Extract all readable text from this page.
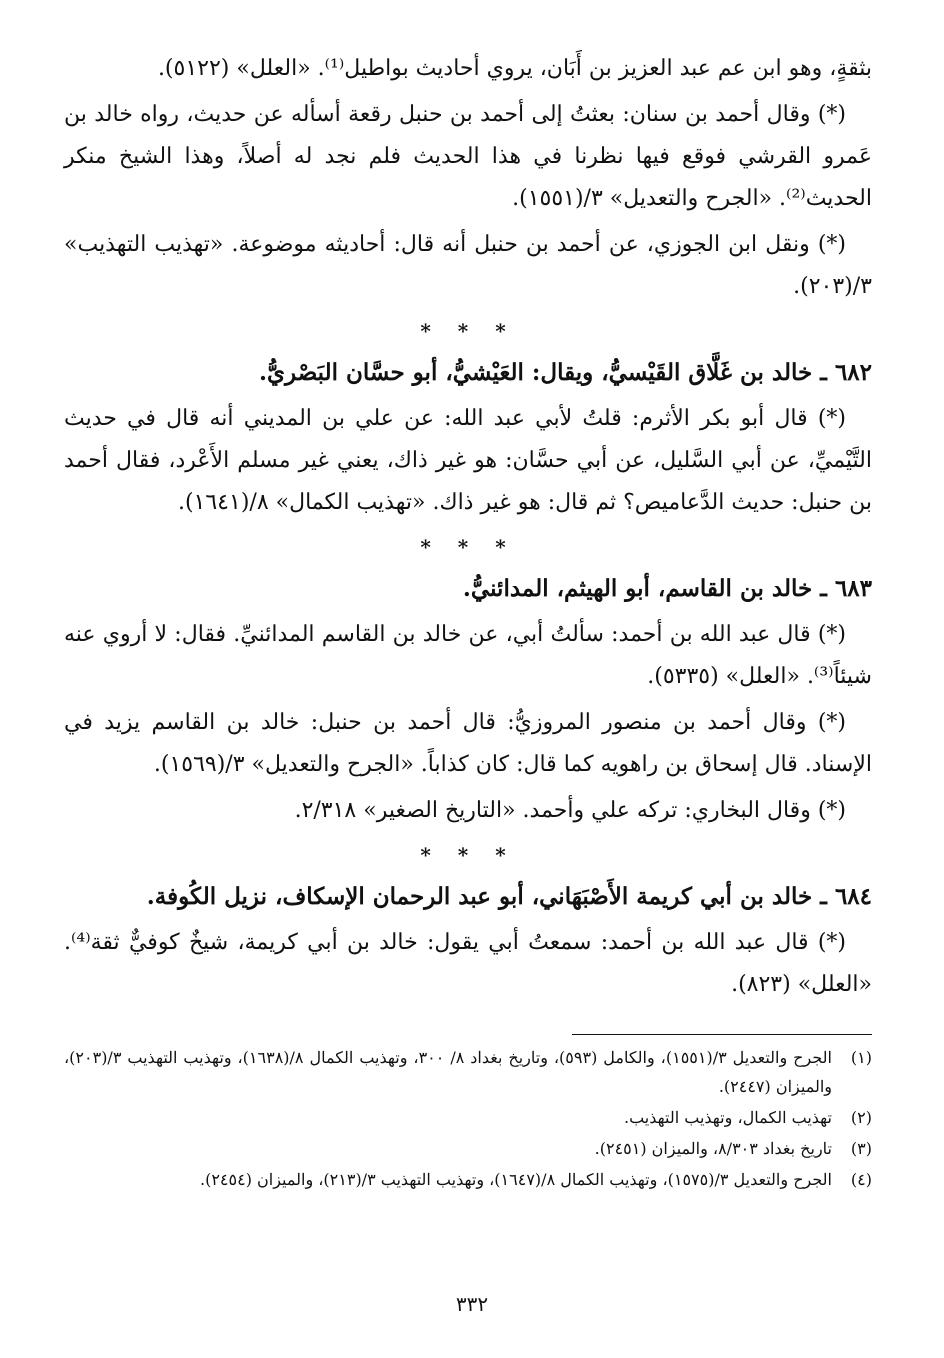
بثقةٍ، وهو ابن عم عبد العزيز بن أَبَان، يروي أحاديث بواطيل⁽¹⁾. «العلل» (٥١٢٢).

(*) وقال أحمد بن سنان: بعثتُ إلى أحمد بن حنبل رقعة أسأله عن حديث، رواه خالد بن عَمرو القرشي فوقع فيها نظرنا في هذا الحديث فلم نجد له أصلاً، وهذا الشيخ منكر الحديث⁽²⁾. «الجرح والتعديل» ٣/(١٥٥١).

(*) ونقل ابن الجوزي، عن أحمد بن حنبل أنه قال: أحاديثه موضوعة. «تهذيب التهذيب» ٣/(٢٠٣).

* * *
٦٨٢ ـ خالد بن غَلَّاق القَيْسيُّ، ويقال: العَيْشيُّ، أبو حسَّان البَصْريُّ.

(*) قال أبو بكر الأثرم: قلتُ لأبي عبد الله: عن علي بن المديني أنه قال في حديث التَّيْميِّ، عن أبي السَّليل، عن أبي حسَّان: هو غير ذاك، يعني غير مسلم الأَعْرد، فقال أحمد بن حنبل: حديث الدَّعاميص؟ ثم قال: هو غير ذاك. «تهذيب الكمال» ٨/(١٦٤١).

* * *
٦٨٣ ـ خالد بن القاسم، أبو الهيثم، المدائنيُّ.

(*) قال عبد الله بن أحمد: سألتُ أبي، عن خالد بن القاسم المدائنيِّ. فقال: لا أروي عنه شيئاً⁽³⁾. «العلل» (٥٣٣٥).

(*) وقال أحمد بن منصور المروزيُّ: قال أحمد بن حنبل: خالد بن القاسم يزيد في الإسناد. قال إسحاق بن راهويه كما قال: كان كذاباً. «الجرح والتعديل» ٣/(١٥٦٩).

(*) وقال البخاري: تركه علي وأحمد. «التاريخ الصغير» ٢/٣١٨.

* * *
٦٨٤ ـ خالد بن أبي كريمة الأَصْبَهَاني، أبو عبد الرحمان الإسكاف، نزيل الكُوفة.

(*) قال عبد الله بن أحمد: سمعتُ أبي يقول: خالد بن أبي كريمة، شيخٌ كوفيٌّ ثقة⁽⁴⁾. «العلل» (٨٢٣).

(١)
الجرح والتعديل ٣/(١٥٥١)، والكامل (٥٩٣)، وتاريخ بغداد ٨/ ٣٠٠، وتهذيب الكمال ٨/(١٦٣٨)، وتهذيب التهذيب ٣/(٢٠٣)، والميزان (٢٤٤٧).
(٢)
تهذيب الكمال، وتهذيب التهذيب.
(٣)
تاريخ بغداد ٨/٣٠٣، والميزان (٢٤٥١).
(٤)
الجرح والتعديل ٣/(١٥٧٥)، وتهذيب الكمال ٨/(١٦٤٧)، وتهذيب التهذيب ٣/(٢١٣)، والميزان (٢٤٥٤).
٣٣٢
